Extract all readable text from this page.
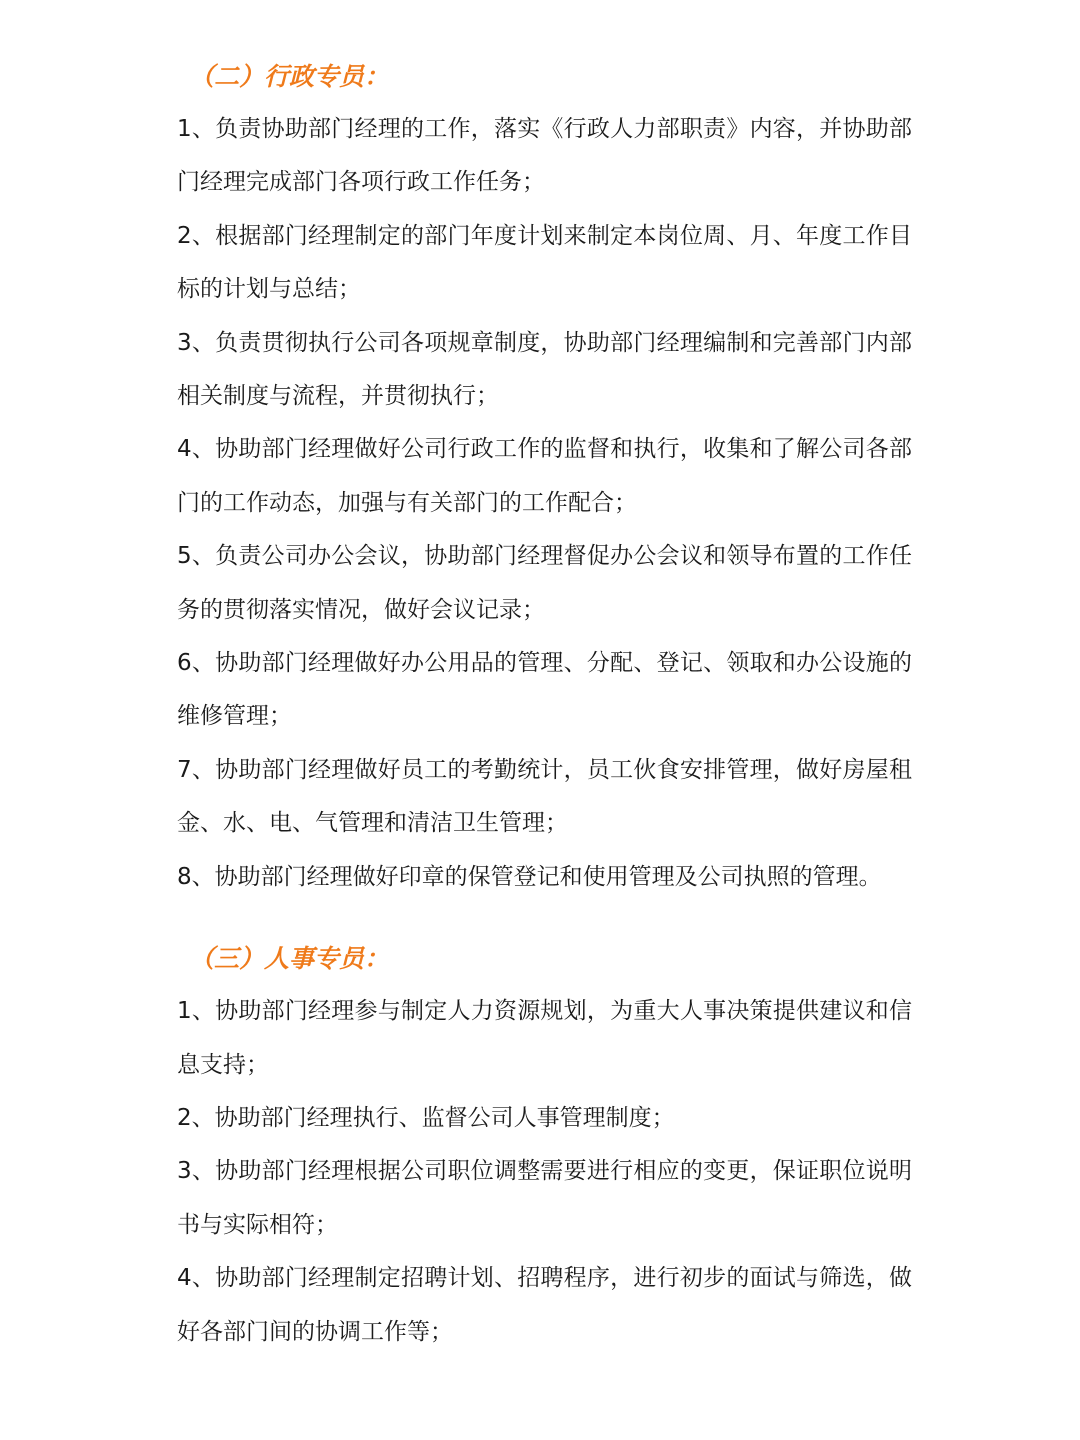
（二）行政专员：

1、负责协助部门经理的工作，落实《行政人力部职责》内容，并协助部门经理完成部门各项行政工作任务；

2、根据部门经理制定的部门年度计划来制定本岗位周、月、年度工作目标的计划与总结；

3、负责贯彻执行公司各项规章制度，协助部门经理编制和完善部门内部相关制度与流程，并贯彻执行；

4、协助部门经理做好公司行政工作的监督和执行，收集和了解公司各部门的工作动态，加强与有关部门的工作配合；

5、负责公司办公会议，协助部门经理督促办公会议和领导布置的工作任务的贯彻落实情况，做好会议记录；

6、协助部门经理做好办公用品的管理、分配、登记、领取和办公设施的维修管理；

7、协助部门经理做好员工的考勤统计，员工伙食安排管理，做好房屋租金、水、电、气管理和清洁卫生管理；

8、协助部门经理做好印章的保管登记和使用管理及公司执照的管理。

（三）人事专员：

1、协助部门经理参与制定人力资源规划，为重大人事决策提供建议和信息支持；

2、协助部门经理执行、监督公司人事管理制度；

3、协助部门经理根据公司职位调整需要进行相应的变更，保证职位说明书与实际相符；

4、协助部门经理制定招聘计划、招聘程序，进行初步的面试与筛选，做好各部门间的协调工作等；
